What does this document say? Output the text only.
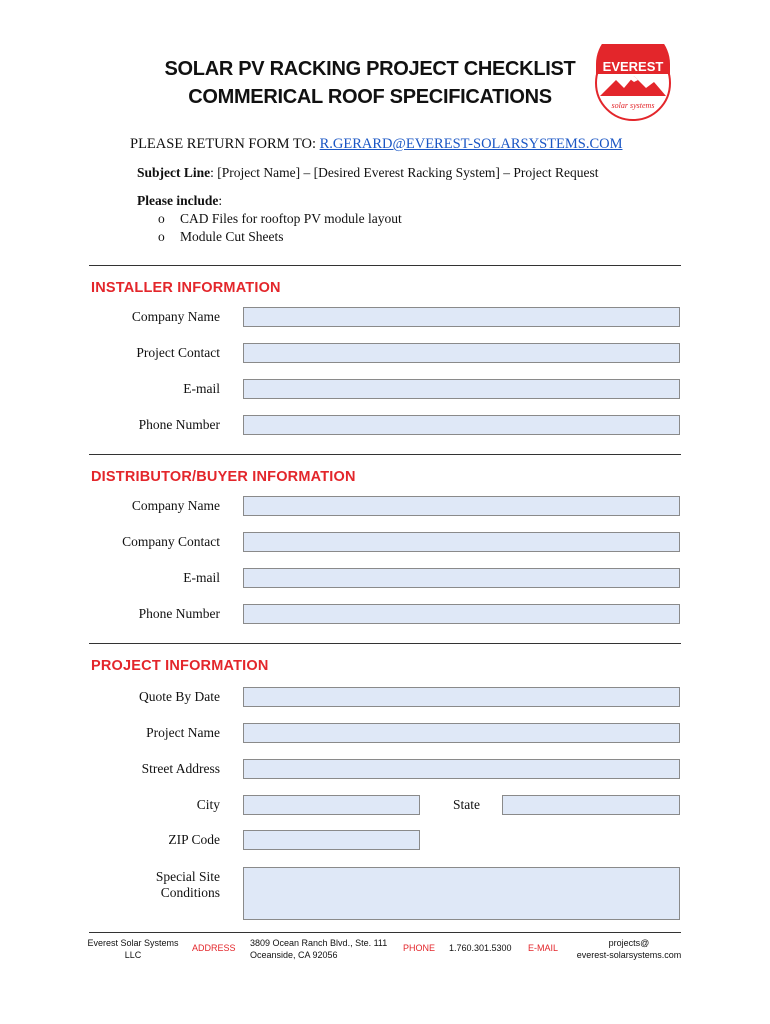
SOLAR PV RACKING PROJECT CHECKLIST
COMMERICAL ROOF SPECIFICATIONS
EVEREST
solar systems
PLEASE RETURN FORM TO: R.GERARD@EVEREST-SOLARSYSTEMS.COM
Subject Line: [Project Name] – [Desired Everest Racking System] – Project Request
Please include:
o CAD Files for rooftop PV module layout
o Module Cut Sheets
INSTALLER INFORMATION
Company Name
Project Contact
E-mail
Phone Number
DISTRIBUTOR/BUYER INFORMATION
Company Name
Company Contact
E-mail
Phone Number
PROJECT INFORMATION
Quote By Date
Project Name
Street Address
City	State
ZIP Code
Special Site
Conditions
Everest Solar Systems
LLC
ADDRESS 3809 Ocean Ranch Blvd., Ste. 111
Oceanside, CA 92056
PHONE 1.760.301.5300 E-MAIL	projects@
everest-solarsystems.com
